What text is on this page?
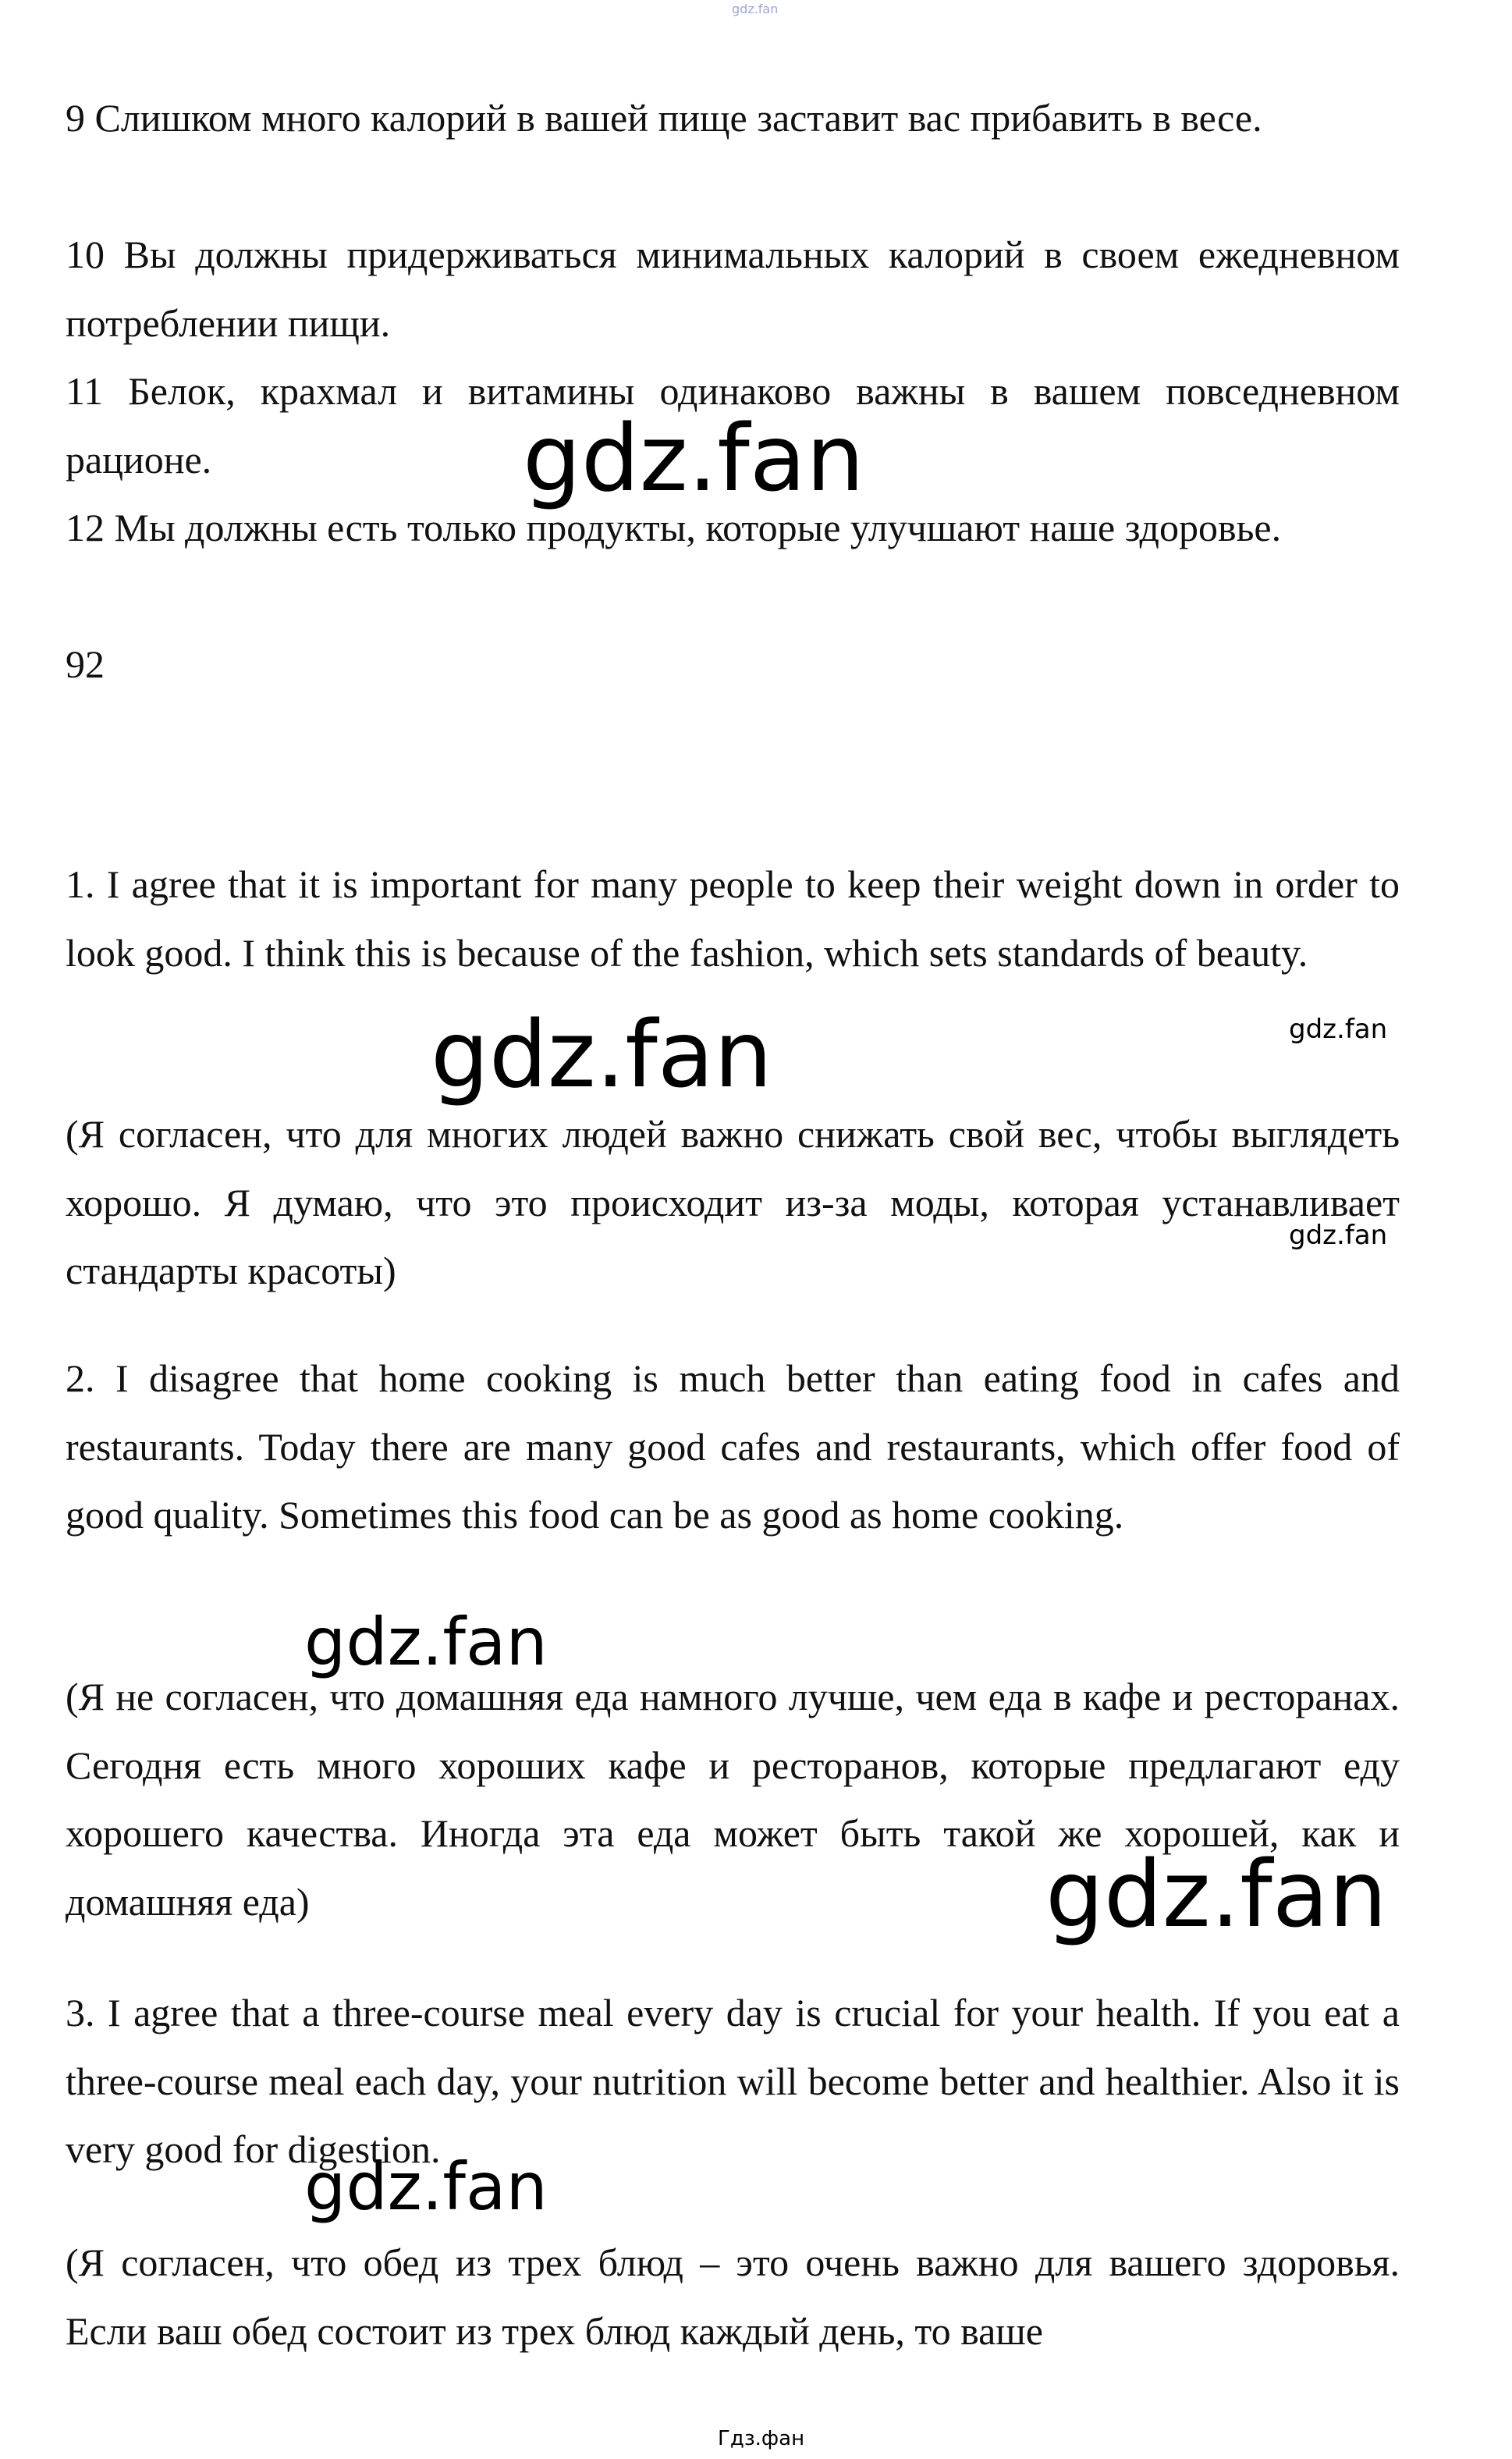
gdz.fan

9 Слишком много калорий в вашей пище заставит вас прибавить в весе.

10 Вы должны придерживаться минимальных калорий в своем ежедневном потреблении пищи.

11 Белок, крахмал и витамины одинаково важны в вашем повседневном рационе.

12 Мы должны есть только продукты, которые улучшают наше здоровье.

92

1. I agree that it is important for many people to keep their weight down in order to look good. I think this is because of the fashion, which sets standards of beauty.

(Я согласен, что для многих людей важно снижать свой вес, чтобы выглядеть хорошо. Я думаю, что это происходит из-за моды, которая устанавливает стандарты красоты)

2. I disagree that home cooking is much better than eating food in cafes and restaurants. Today there are many good cafes and restaurants, which offer food of good quality. Sometimes this food can be as good as home cooking.

(Я не согласен, что домашняя еда намного лучше, чем еда в кафе и ресторанах. Сегодня есть много хороших кафе и ресторанов, которые предлагают еду хорошего качества. Иногда эта еда может быть такой же хорошей, как и домашняя еда)

3. I agree that a three-course meal every day is crucial for your health. If you eat a three-course meal each day, your nutrition will become better and healthier. Also it is very good for digestion.

(Я согласен, что обед из трех блюд – это очень важно для вашего здоровья. Если ваш обед состоит из трех блюд каждый день, то ваше

gdz.fan
gdz.fan	gdz.fan
gdz.fan
gdz.fan
gdz.fan
gdz.fan
Гдз.фан
